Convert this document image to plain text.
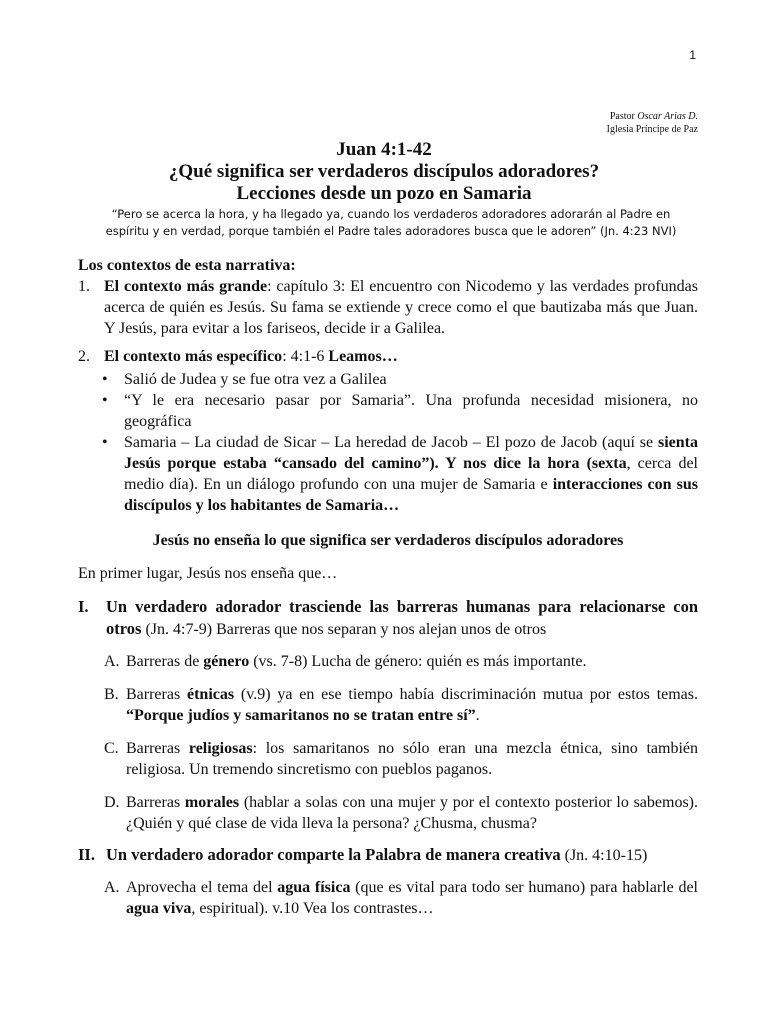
1
Pastor Oscar Arias D.
Iglesia Príncipe de Paz
Juan 4:1-42
¿Qué significa ser verdaderos discípulos adoradores?
Lecciones desde un pozo en Samaria
“Pero se acerca la hora, y ha llegado ya, cuando los verdaderos adoradores adorarán al Padre en espíritu y en verdad, porque también el Padre tales adoradores busca que le adoren” (Jn. 4:23 NVI)

Los contextos de esta narrativa:

1. El contexto más grande: capítulo 3: El encuentro con Nicodemo y las verdades profundas acerca de quién es Jesús. Su fama se extiende y crece como el que bautizaba más que Juan. Y Jesús, para evitar a los fariseos, decide ir a Galilea.

2. El contexto más específico: 4:1-6 Leamos…

• Salió de Judea y se fue otra vez a Galilea
• “Y le era necesario pasar por Samaria”. Una profunda necesidad misionera, no geográfica
• Samaria – La ciudad de Sicar – La heredad de Jacob – El pozo de Jacob (aquí se sienta Jesús porque estaba “cansado del camino”). Y nos dice la hora (sexta, cerca del medio día). En un diálogo profundo con una mujer de Samaria e interacciones con sus discípulos y los habitantes de Samaria…

Jesús no enseña lo que significa ser verdaderos discípulos adoradores

En primer lugar, Jesús nos enseña que…

I. Un verdadero adorador trasciende las barreras humanas para relacionarse con otros (Jn. 4:7-9) Barreras que nos separan y nos alejan unos de otros

A. Barreras de género (vs. 7-8) Lucha de género: quién es más importante.

B. Barreras étnicas (v.9) ya en ese tiempo había discriminación mutua por estos temas. “Porque judíos y samaritanos no se tratan entre sí”.

C. Barreras religiosas: los samaritanos no sólo eran una mezcla étnica, sino también religiosa. Un tremendo sincretismo con pueblos paganos.

D. Barreras morales (hablar a solas con una mujer y por el contexto posterior lo sabemos). ¿Quién y qué clase de vida lleva la persona? ¿Chusma, chusma?

II. Un verdadero adorador comparte la Palabra de manera creativa (Jn. 4:10-15)

A. Aprovecha el tema del agua física (que es vital para todo ser humano) para hablarle del agua viva, espiritual). v.10 Vea los contrastes…
